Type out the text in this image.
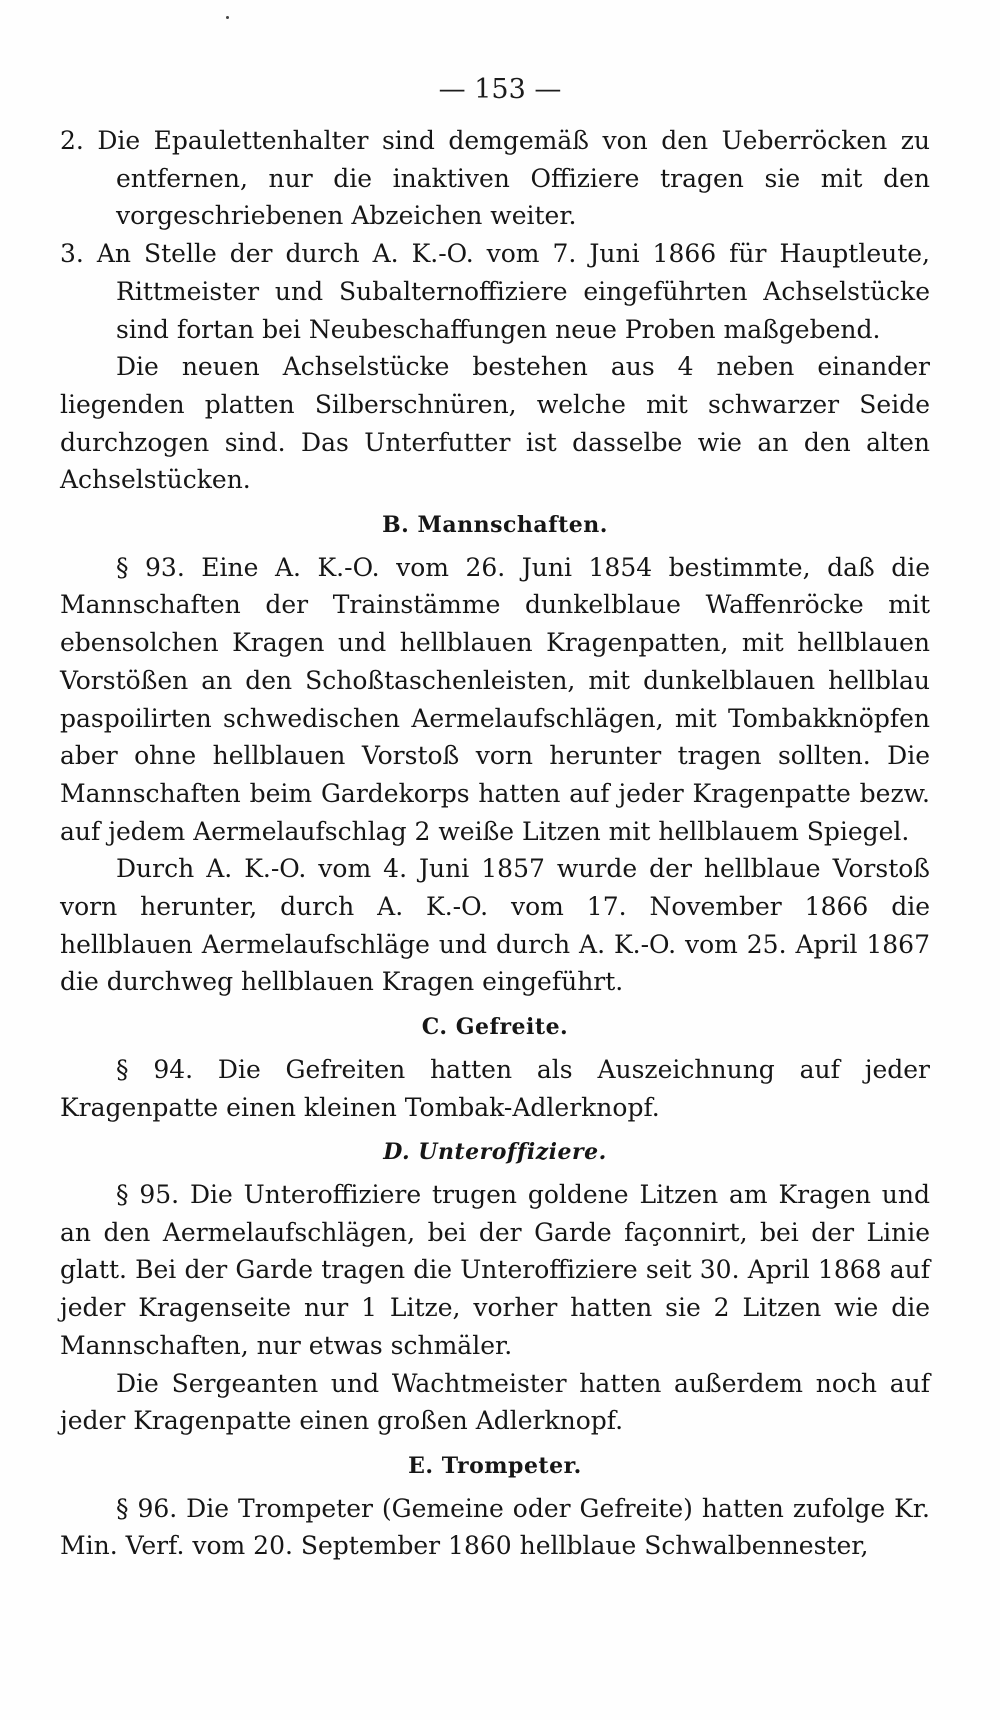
— 153 —

2. Die Epaulettenhalter sind demgemäß von den Ueberröcken zu entfernen, nur die inaktiven Offiziere tragen sie mit den vorgeschriebenen Abzeichen weiter.

3. An Stelle der durch A. K.-O. vom 7. Juni 1866 für Hauptleute, Rittmeister und Subalternoffiziere eingeführten Achselstücke sind fortan bei Neubeschaffungen neue Proben maßgebend.

Die neuen Achselstücke bestehen aus 4 neben einander liegenden platten Silberschnüren, welche mit schwarzer Seide durchzogen sind. Das Unterfutter ist dasselbe wie an den alten Achselstücken.

B. Mannschaften.

§ 93. Eine A. K.-O. vom 26. Juni 1854 bestimmte, daß die Mannschaften der Trainstämme dunkelblaue Waffenröcke mit ebensolchen Kragen und hellblauen Kragenpatten, mit hellblauen Vorstößen an den Schoßtaschenleisten, mit dunkelblauen hellblau paspoilirten schwedischen Aermelaufschlägen, mit Tombakknöpfen aber ohne hellblauen Vorstoß vorn herunter tragen sollten. Die Mannschaften beim Gardekorps hatten auf jeder Kragenpatte bezw. auf jedem Aermelaufschlag 2 weiße Litzen mit hellblauem Spiegel.

Durch A. K.-O. vom 4. Juni 1857 wurde der hellblaue Vorstoß vorn herunter, durch A. K.-O. vom 17. November 1866 die hellblauen Aermelaufschläge und durch A. K.-O. vom 25. April 1867 die durchweg hellblauen Kragen eingeführt.

C. Gefreite.

§ 94. Die Gefreiten hatten als Auszeichnung auf jeder Kragenpatte einen kleinen Tombak-Adlerknopf.

D. Unteroffiziere.

§ 95. Die Unteroffiziere trugen goldene Litzen am Kragen und an den Aermelaufschlägen, bei der Garde façonnirt, bei der Linie glatt. Bei der Garde tragen die Unteroffiziere seit 30. April 1868 auf jeder Kragenseite nur 1 Litze, vorher hatten sie 2 Litzen wie die Mannschaften, nur etwas schmäler.

Die Sergeanten und Wachtmeister hatten außerdem noch auf jeder Kragenpatte einen großen Adlerknopf.

E. Trompeter.

§ 96. Die Trompeter (Gemeine oder Gefreite) hatten zufolge Kr. Min. Verf. vom 20. September 1860 hellblaue Schwalbennester,
